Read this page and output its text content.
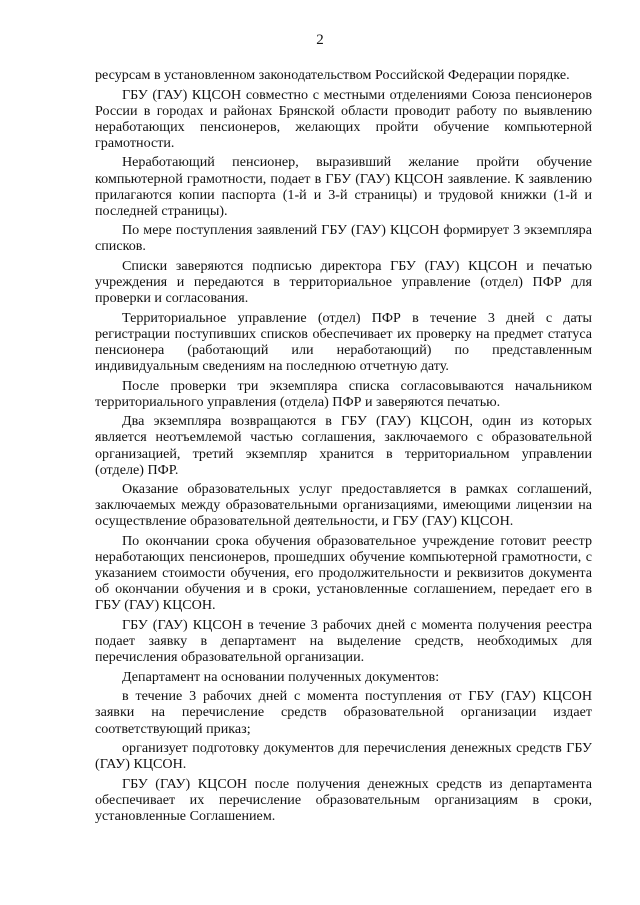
2

ресурсам в установленном законодательством Российской Федерации порядке.

ГБУ (ГАУ) КЦСОН совместно с местными отделениями Союза пенсионеров России в городах и районах Брянской области проводит работу по выявлению неработающих пенсионеров, желающих пройти обучение компьютерной грамотности.

Неработающий пенсионер, выразивший желание пройти обучение компьютерной грамотности, подает в ГБУ (ГАУ) КЦСОН заявление. К заявлению прилагаются копии паспорта (1-й и 3-й страницы) и трудовой книжки (1-й и последней страницы).

По мере поступления заявлений ГБУ (ГАУ) КЦСОН формирует 3 экземпляра списков.

Списки заверяются подписью директора ГБУ (ГАУ) КЦСОН и печатью учреждения и передаются в территориальное управление (отдел) ПФР для проверки и согласования.

Территориальное управление (отдел) ПФР в течение 3 дней с даты регистрации поступивших списков обеспечивает их проверку на предмет статуса пенсионера (работающий или неработающий) по представленным индивидуальным сведениям на последнюю отчетную дату.

После проверки три экземпляра списка согласовываются начальником территориального управления (отдела) ПФР и заверяются печатью.

Два экземпляра возвращаются в ГБУ (ГАУ) КЦСОН, один из которых является неотъемлемой частью соглашения, заключаемого с образовательной организацией, третий экземпляр хранится в территориальном управлении (отделе) ПФР.

Оказание образовательных услуг предоставляется в рамках соглашений, заключаемых между образовательными организациями, имеющими лицензии на осуществление образовательной деятельности, и ГБУ (ГАУ) КЦСОН.

По окончании срока обучения образовательное учреждение готовит реестр неработающих пенсионеров, прошедших обучение компьютерной грамотности, с указанием стоимости обучения, его продолжительности и реквизитов документа об окончании обучения и в сроки, установленные соглашением, передает его в ГБУ (ГАУ) КЦСОН.

ГБУ (ГАУ) КЦСОН в течение 3 рабочих дней с момента получения реестра подает заявку в департамент на выделение средств, необходимых для перечисления образовательной организации.

Департамент на основании полученных документов:

в течение 3 рабочих дней с момента поступления от ГБУ (ГАУ) КЦСОН заявки на перечисление средств образовательной организации издает соответствующий приказ;

организует подготовку документов для перечисления денежных средств ГБУ (ГАУ) КЦСОН.

ГБУ (ГАУ) КЦСОН после получения денежных средств из департамента обеспечивает их перечисление образовательным организациям в сроки, установленные Соглашением.
